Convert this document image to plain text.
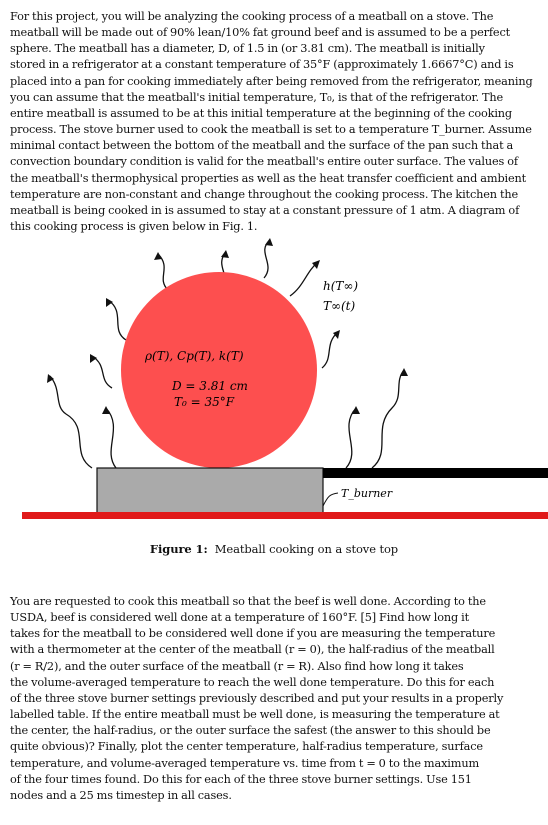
For this project, you will be analyzing the cooking process of a meatball on a stove. The
meatball will be made out of 90% lean/10% fat ground beef and is assumed to be a perfect
sphere. The meatball has a diameter, D, of 1.5 in (or 3.81 cm). The meatball is initially
stored in a refrigerator at a constant temperature of 35°F (approximately 1.6667°C) and is
placed into a pan for cooking immediately after being removed from the refrigerator, meaning
you can assume that the meatball's initial temperature, T₀, is that of the refrigerator. The
entire meatball is assumed to be at this initial temperature at the beginning of the cooking
process. The stove burner used to cook the meatball is set to a temperature T_burner. Assume
minimal contact between the bottom of the meatball and the surface of the pan such that a
convection boundary condition is valid for the meatball's entire outer surface. The values of
the meatball's thermophysical properties as well as the heat transfer coefficient and ambient
temperature are non-constant and change throughout the cooking process. The kitchen the
meatball is being cooked in is assumed to stay at a constant pressure of 1 atm. A diagram of
this cooking process is given below in Fig. 1.
h(T∞)
T∞(t)
ρ(T), Cp(T), k(T)
D = 3.81 cm
T₀ = 35°F
T_burner
Figure 1: Meatball cooking on a stove top
You are requested to cook this meatball so that the beef is well done. According to the
USDA, beef is considered well done at a temperature of 160°F. [5] Find how long it
takes for the meatball to be considered well done if you are measuring the temperature
with a thermometer at the center of the meatball (r = 0), the half-radius of the meatball
(r = R/2), and the outer surface of the meatball (r = R). Also find how long it takes
the volume-averaged temperature to reach the well done temperature. Do this for each
of the three stove burner settings previously described and put your results in a properly
labelled table. If the entire meatball must be well done, is measuring the temperature at
the center, the half-radius, or the outer surface the safest (the answer to this should be
quite obvious)? Finally, plot the center temperature, half-radius temperature, surface
temperature, and volume-averaged temperature vs. time from t = 0 to the maximum
of the four times found. Do this for each of the three stove burner settings. Use 151
nodes and a 25 ms timestep in all cases.
